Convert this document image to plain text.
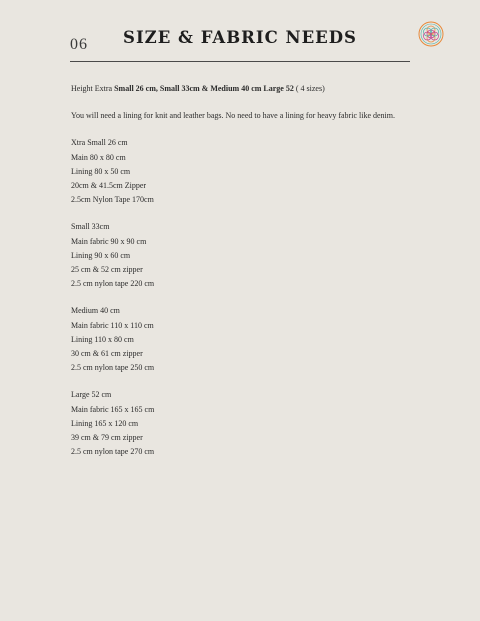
06	SIZE & FABRIC NEEDS

Height Extra Small 26 cm, Small 33cm & Medium 40 cm Large 52 ( 4 sizes)

You will need a lining for knit and leather bags. No need to have a lining for heavy fabric like denim.

Xtra Small 26 cm

Main 80 x 80 cm

Lining 80 x 50 cm

20cm & 41.5cm Zipper

2.5cm Nylon Tape 170cm

Small 33cm

Main fabric 90 x 90 cm

Lining 90 x 60 cm

25 cm & 52 cm zipper

2.5 cm nylon tape 220 cm

Medium 40 cm

Main fabric 110 x 110 cm

Lining 110 x 80 cm

30 cm & 61 cm zipper

2.5 cm nylon tape 250 cm

Large 52 cm

Main fabric 165 x 165 cm

Lining 165 x 120 cm

39 cm & 79 cm zipper

2.5 cm nylon tape 270 cm
